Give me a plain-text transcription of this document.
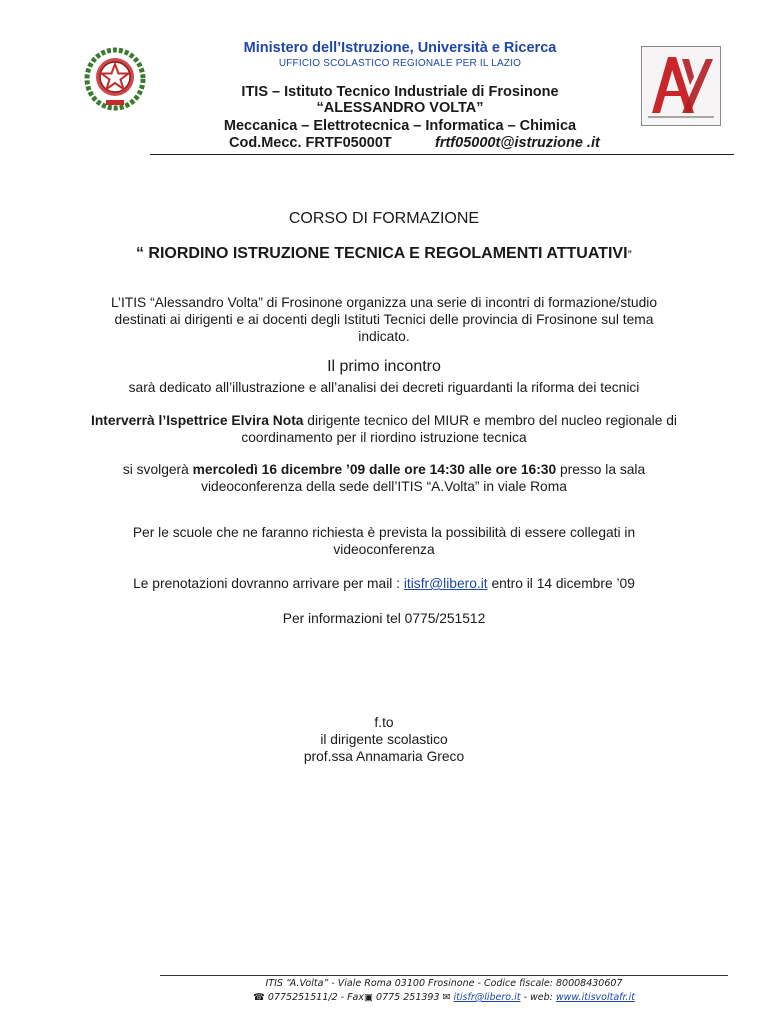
Ministero dell’Istruzione, Università e Ricerca
UFFICIO SCOLASTICO REGIONALE PER IL LAZIO
ITIS – Istituto Tecnico Industriale di Frosinone
“ALESSANDRO VOLTA”
Meccanica – Elettrotecnica – Informatica – Chimica
Cod.Mecc. FRTF05000T	frtf05000t@istruzione .it
CORSO DI FORMAZIONE
“ RIORDINO ISTRUZIONE TECNICA E REGOLAMENTI ATTUATIVI”
L’ITIS “Alessandro Volta” di Frosinone organizza una serie di incontri di formazione/studio destinati ai dirigenti e ai docenti degli Istituti Tecnici delle provincia di Frosinone sul tema indicato.
Il primo incontro
sarà dedicato all’illustrazione e all’analisi dei decreti riguardanti la riforma dei tecnici
Interverrà l’Ispettrice Elvira Nota dirigente tecnico del MIUR e membro del nucleo regionale di coordinamento per il riordino istruzione tecnica
si svolgerà mercoledì 16 dicembre ’09 dalle ore 14:30 alle ore 16:30 presso la sala videoconferenza della sede dell’ITIS “A.Volta” in viale Roma
Per le scuole che ne faranno richiesta è prevista la possibilità di essere collegati in videoconferenza
Le prenotazioni dovranno arrivare per mail : itisfr@libero.it entro il 14 dicembre ’09
Per informazioni tel 0775/251512
f.to
il dirigente scolastico
prof.ssa Annamaria Greco
ITIS “A.Volta” - Viale Roma 03100 Frosinone - Codice fiscale: 80008430607
☎ 0775251511/2 - Fax▣ 0775 251393 ✉ itisfr@libero.it - web: www.itisvoltafr.it
